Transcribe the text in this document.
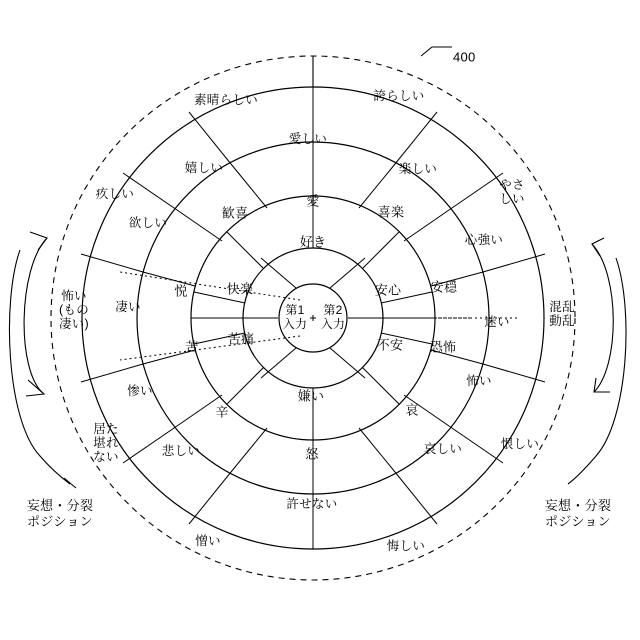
400
第1
入力
第2
入力
好き
安心
不安
嫌い
苦痛
快楽
愛
喜楽
安穏
恐怖
哀
怒
辛
苦
悦
歓喜
愛しい
楽しい
心強い
迷い
怖い
哀しい
許せない
悲しい
惨い
凄い
欲しい
嬉しい
誇らしい
素晴らしい
やさ
しい
混乱
動乱
恨しい
悔しい
憎い
居た
堪れ
ない
怖い
(もの
凄い)
疚しい
妄想・分裂
ポジション
妄想・分裂
ポジション
